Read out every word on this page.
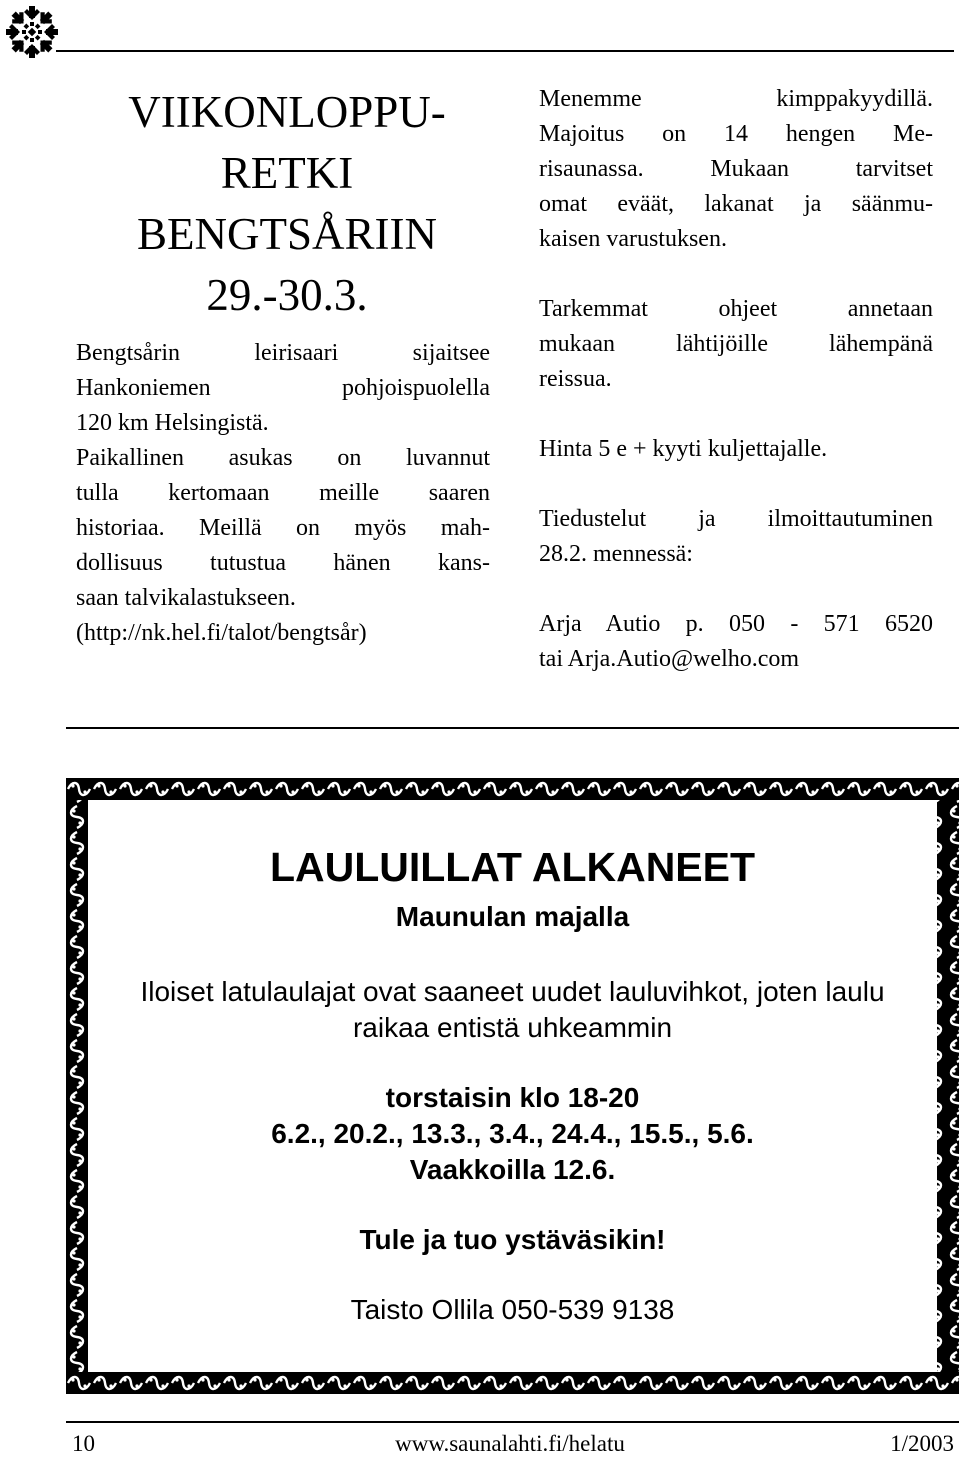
VIIKONLOPPU-
RETKI
BENGTSÅRIIN
29.-30.3.

Bengtsårin leirisaari sijaitsee
Hankoniemen pohjoispuolella
120 km Helsingistä.
Paikallinen asukas on luvannut
tulla kertomaan meille saaren
historiaa. Meillä on myös mah-
dollisuus tutustua hänen kans-
saan talvikalastukseen.
(http://nk.hel.fi/talot/bengtsår)

Menemme kimppakyydillä.
Majoitus on 14 hengen Me-
risaunassa. Mukaan tarvitset
omat eväät, lakanat ja säänmu-
kaisen varustuksen.

Tarkemmat ohjeet annetaan
mukaan lähtijöille lähempänä
reissua.

Hinta 5 e + kyyti kuljettajalle.

Tiedustelut ja ilmoittautuminen
28.2. mennessä:

Arja Autio p. 050 - 571 6520
tai Arja.Autio@welho.com

LAULUILLAT ALKANEET
Maunulan majalla

Iloiset latulaulajat ovat saaneet uudet lauluvihkot, joten laulu
raikaa entistä uhkeammin

torstaisin klo 18-20

6.2., 20.2., 13.3., 3.4., 24.4., 15.5., 5.6.

Vaakkoilla 12.6.

Tule ja tuo ystäväsikin!

Taisto Ollila 050-539 9138

10	www.saunalahti.fi/helatu	1/2003
